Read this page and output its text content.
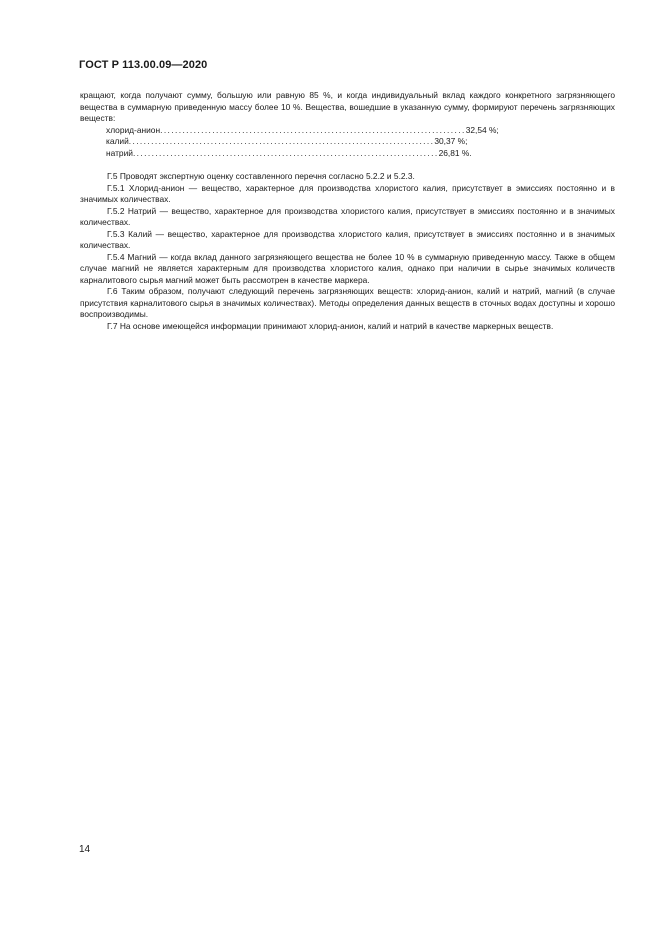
ГОСТ Р 113.00.09—2020

кращают, когда получают сумму, большую или равную 85 %, и когда индивидуальный вклад каждого конкретного загрязняющего вещества в суммарную приведенную массу более 10 %. Вещества, вошедшие в указанную сумму, формируют перечень загрязняющих веществ:

хлорид-анион .................................................................................. 32,54 %;
калий .................................................................................. 30,37 %;
натрий .................................................................................. 26,81 %.

Г.5 Проводят экспертную оценку составленного перечня согласно 5.2.2 и 5.2.3.

Г.5.1 Хлорид-анион — вещество, характерное для производства хлористого калия, присутствует в эмиссиях постоянно и в значимых количествах.

Г.5.2 Натрий — вещество, характерное для производства хлористого калия, присутствует в эмиссиях постоянно и в значимых количествах.

Г.5.3 Калий — вещество, характерное для производства хлористого калия, присутствует в эмиссиях постоянно и в значимых количествах.

Г.5.4 Магний — когда вклад данного загрязняющего вещества не более 10 % в суммарную приведенную массу. Также в общем случае магний не является характерным для производства хлористого калия, однако при наличии в сырье значимых количеств карналитового сырья магний может быть рассмотрен в качестве маркера.

Г.6 Таким образом, получают следующий перечень загрязняющих веществ: хлорид-анион, калий и натрий, магний (в случае присутствия карналитового сырья в значимых количествах). Методы определения данных веществ в сточных водах доступны и хорошо воспроизводимы.

Г.7 На основе имеющейся информации принимают хлорид-анион, калий и натрий в качестве маркерных веществ.

14
